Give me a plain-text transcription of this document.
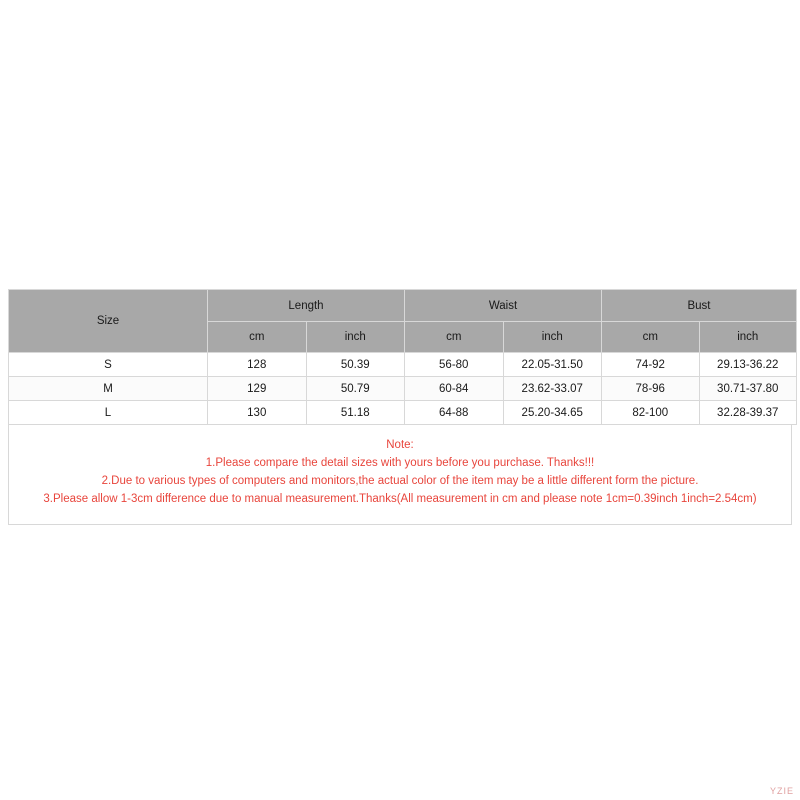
Size	Length		Waist		Bust	
	cm	inch	cm	inch	cm	inch
S	128	50.39	56-80	22.05-31.50	74-92	29.13-36.22
M	129	50.79	60-84	23.62-33.07	78-96	30.71-37.80
L	130	51.18	64-88	25.20-34.65	82-100	32.28-39.37
Note:
1.Please compare the detail sizes with yours before you purchase. Thanks!!!
2.Due to various types of computers and monitors,the actual color of the item may be a little different form the picture.
3.Please allow 1-3cm difference due to manual measurement.Thanks(All measurement in cm and please note 1cm=0.39inch 1inch=2.54cm)
YZIE
